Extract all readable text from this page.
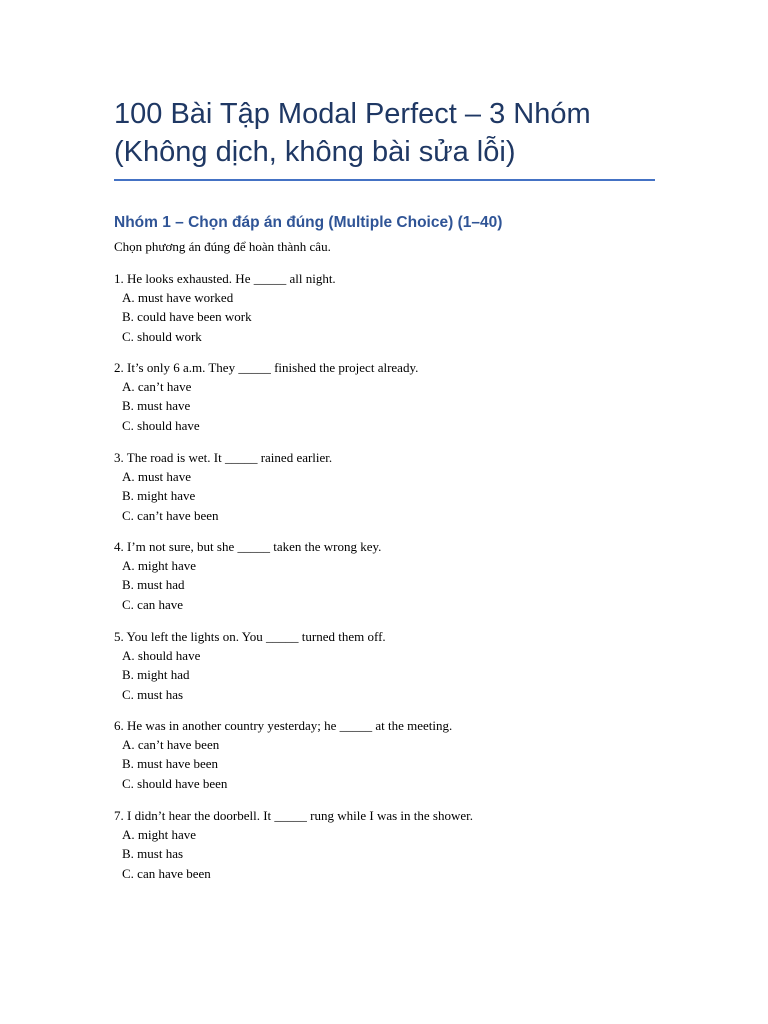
100 Bài Tập Modal Perfect – 3 Nhóm (Không dịch, không bài sửa lỗi)
Nhóm 1 – Chọn đáp án đúng (Multiple Choice) (1–40)

Chọn phương án đúng để hoàn thành câu.

1. He looks exhausted. He _____ all night.

A. must have worked

B. could have been work

C. should work

2. It’s only 6 a.m. They _____ finished the project already.

A. can’t have

B. must have

C. should have

3. The road is wet. It _____ rained earlier.

A. must have

B. might have

C. can’t have been

4. I’m not sure, but she _____ taken the wrong key.

A. might have

B. must had

C. can have

5. You left the lights on. You _____ turned them off.

A. should have

B. might had

C. must has

6. He was in another country yesterday; he _____ at the meeting.

A. can’t have been

B. must have been

C. should have been

7. I didn’t hear the doorbell. It _____ rung while I was in the shower.

A. might have

B. must has

C. can have been
